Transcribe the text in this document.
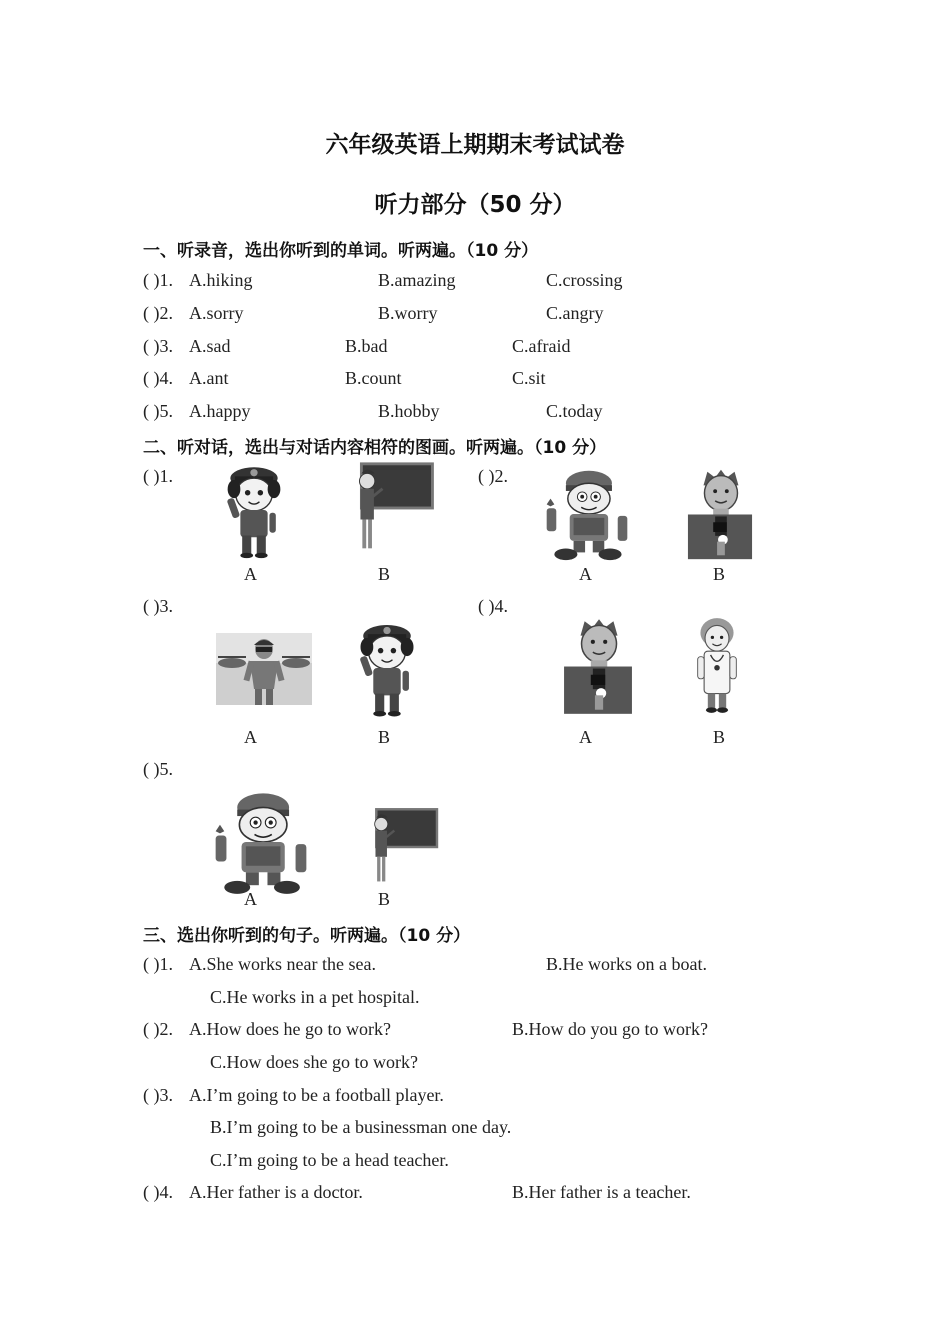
六年级英语上期期末考试试卷
听力部分（50 分）
一、听录音，选出你听到的单词。听两遍。（10 分）
( )1. A.hiking	B.amazing	C.crossing
( )2. A.sorry	B.worry	C.angry
( )3. A.sad	B.bad	C.afraid
( )4. A.ant	B.count	C.sit
( )5. A.happy	B.hobby	C.today
二、听对话，选出与对话内容相符的图画。听两遍。（10 分）
( )1.
A	B
( )2.
A	B
( )3.
A	B
( )4.
A	B
( )5.
A	B
三、选出你听到的句子。听两遍。（10 分）
( )1. A.She works near the sea.	B.He works on a boat.
C.He works in a pet hospital.
( )2. A.How does he go to work?	B.How do you go to work?
C.How does she go to work?
( )3. A.I’m going to be a football player.
B.I’m going to be a businessman one day.
C.I’m going to be a head teacher.
( )4. A.Her father is a doctor.	B.Her father is a teacher.
